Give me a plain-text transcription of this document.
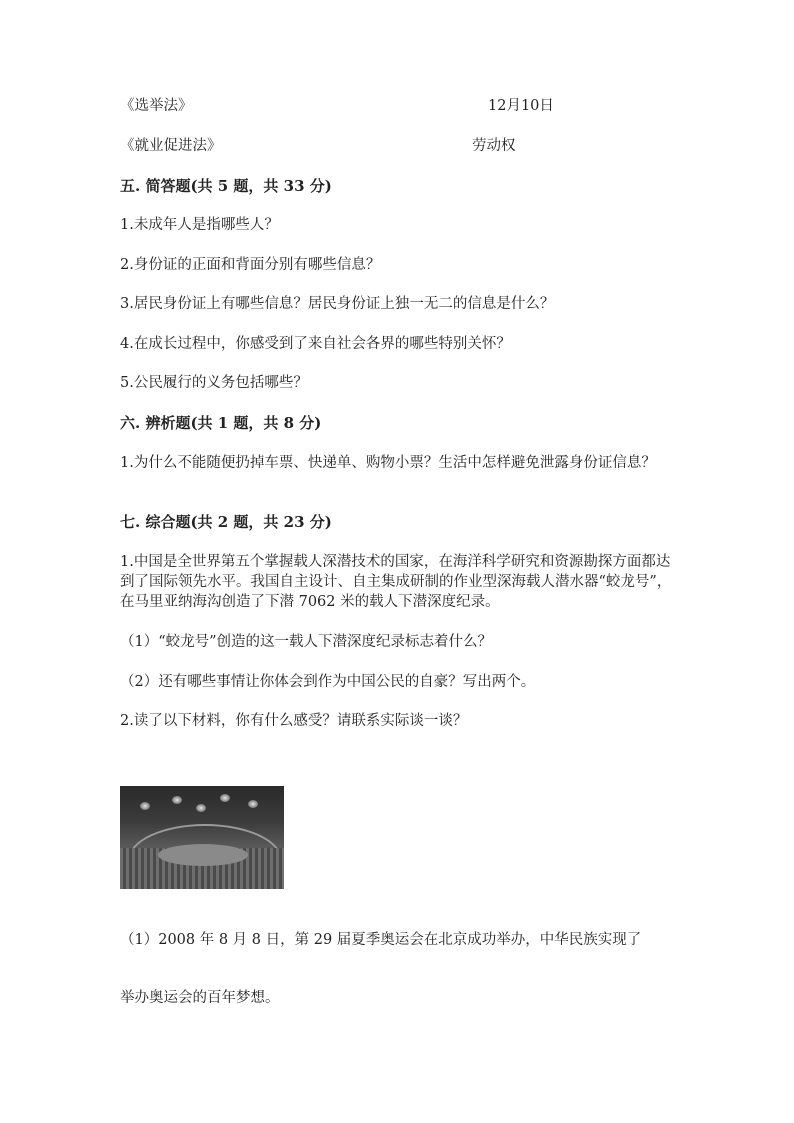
《选举法》	12月10日
《就业促进法》	劳动权
五. 简答题(共 5 题，共 33 分)
1.未成年人是指哪些人？
2.身份证的正面和背面分别有哪些信息？
3.居民身份证上有哪些信息？居民身份证上独一无二的信息是什么？
4.在成长过程中，你感受到了来自社会各界的哪些特别关怀？
5.公民履行的义务包括哪些？
六. 辨析题(共 1 题，共 8 分)
1.为什么不能随便扔掉车票、快递单、购物小票？生活中怎样避免泄露身份证信息？
七. 综合题(共 2 题，共 23 分)
1.中国是全世界第五个掌握载人深潜技术的国家，在海洋科学研究和资源勘探方面都达到了国际领先水平。我国自主设计、自主集成研制的作业型深海载人潜水器“蛟龙号”，在马里亚纳海沟创造了下潜 7062 米的载人下潜深度纪录。
（1）“蛟龙号”创造的这一载人下潜深度纪录标志着什么？
（2）还有哪些事情让你体会到作为中国公民的自豪？写出两个。
2.读了以下材料，你有什么感受？请联系实际谈一谈？
（1）2008 年 8 月 8 日，第 29 届夏季奥运会在北京成功举办，中华民族实现了
举办奥运会的百年梦想。
